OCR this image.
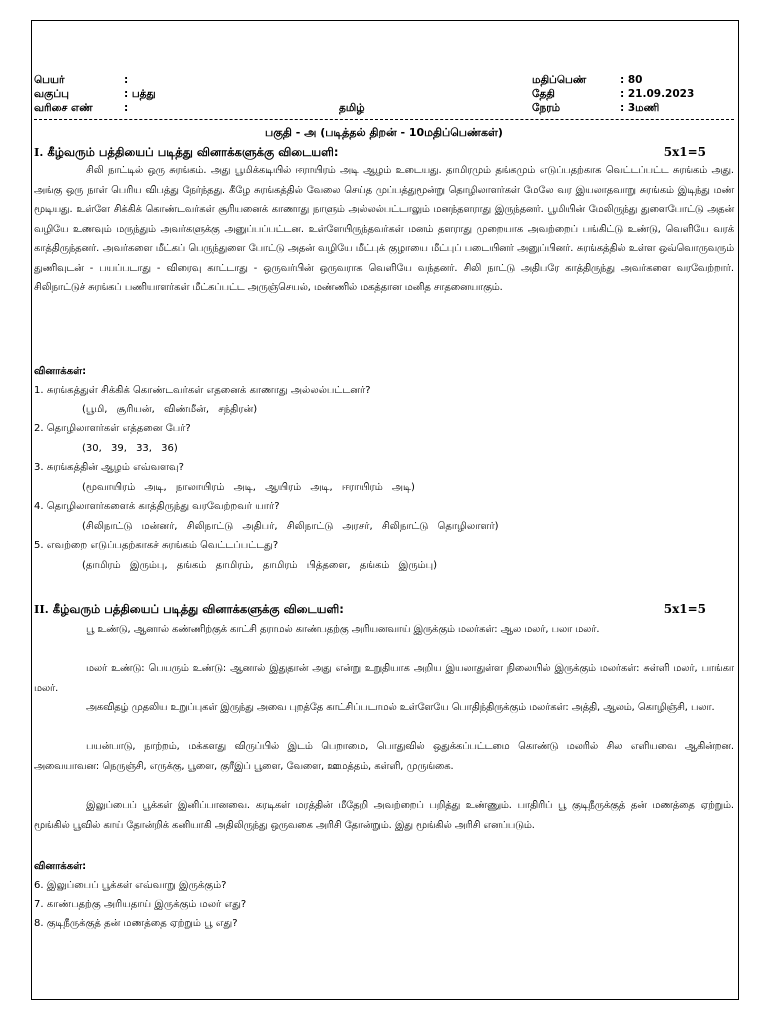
பெயர்	:
வகுப்பு	: பத்து
வரிசை எண்	:	தமிழ்
மதிப்பெண்	: 80
தேதி	: 21.09.2023
நேரம்	: 3மணி
பகுதி - அ (படித்தல் திறன் - 10மதிப்பெண்கள்)
I. கீழ்வரும் பத்தியைப் படித்து வினாக்களுக்கு விடையளி:	5x1=5
சிலி நாட்டில் ஒரு சுரங்கம். அது பூமிக்கடியில் ஈராயிரம் அடி ஆழம் உடையது. தாமிரமும் தங்கமும் எடுப்பதற்காக வெட்டப்பட்ட சுரங்கம் அது. அங்கு ஒரு நாள் பெரிய விபத்து நேர்ந்தது. கீழே சுரங்கத்தில் வேலை செய்த முப்பத்துமூன்று தொழிலாளர்கள் மேலே வர இயலாதவாறு சுரங்கம் இடிந்து மண் மூடியது. உள்ளே சிக்கிக் கொண்டவர்கள் சூரியனைக் காணாது நாளும் அல்லல்பட்டாலும் மனந்தளராது இருந்தனர். பூமியின் மேலிருந்து துளைபோட்டு அதன் வழியே உணவும் மருந்தும் அவர்களுக்கு அனுப்பப்பட்டன. உள்ளேயிருந்தவர்கள் மனம் தளராது முறையாக அவற்றைப் பங்கிட்டு உண்டு, வெளியே வரக் காத்திருந்தனர். அவர்களை மீட்கப் பெருந்துளை போட்டு அதன் வழியே மீட்புக் குழாயை மீட்புப் படையினர் அனுப்பினர். சுரங்கத்தில் உள்ள ஒவ்வொருவரும் துணிவுடன் - பயப்படாது - விரைவு காட்டாது - ஒருவர்பின் ஒருவராக வெளியே வந்தனர். சிலி நாட்டு அதிபரே காத்திருந்து அவர்களை வரவேற்றார். சிலிநாட்டுச் சுரங்கப் பணியாளர்கள் மீட்கப்பட்ட அருஞ்செயல், மண்ணில் மகத்தான மனித சாதனையாகும்.
வினாக்கள்:
1. சுரங்கத்துள் சிக்கிக் கொண்டவர்கள் எதனைக் காணாது அல்லல்பட்டனர்?
(பூமி, சூரியன், விண்மீன், சந்திரன்)
2. தொழிலாளர்கள் எத்தனை பேர்?
(30, 39, 33, 36)
3. சுரங்கத்தின் ஆழம் எவ்வளவு?
(மூவாயிரம் அடி, நாலாயிரம் அடி, ஆயிரம் அடி, ஈராயிரம் அடி)
4. தொழிலாளர்களைக் காத்திருந்து வரவேற்றவர் யார்?
(சிலிநாட்டு மன்னர், சிலிநாட்டு அதிபர், சிலிநாட்டு அரசர், சிலிநாட்டு தொழிலாளர்)
5. எவற்றை எடுப்பதற்காகச் சுரங்கம் வெட்டப்பட்டது?
(தாமிரம் இரும்பு, தங்கம் தாமிரம், தாமிரம் பித்தளை, தங்கம் இரும்பு)
II. கீழ்வரும் பத்தியைப் படித்து வினாக்களுக்கு விடையளி:	5x1=5
பூ உண்டு, ஆனால் கண்ணிற்குக் காட்சி தராமல் காண்பதற்கு அரியனவாய் இருக்கும் மலர்கள்: ஆல மலர், பலா மலர்.
மலர் உண்டு: பெயரும் உண்டு: ஆனால் இதுதான் அது என்று உறுதியாக அறிய இயலாதுள்ள நிலையில் இருக்கும் மலர்கள்: சுள்ளி மலர், பாங்கா மலர்.
அகவிதழ் முதலிய உறுப்புகள் இருந்து அவை புறத்தே காட்சிப்படாமல் உள்ளேயே பொதிந்திருக்கும் மலர்கள்: அத்தி, ஆலம், கொழிஞ்சி, பலா.
பயன்பாடு, நாற்றம், மக்களது விருப்பில் இடம் பெறாமை, பொதுவில் ஒதுக்கப்பட்டமை கொண்டு மலரில் சில எளியவை ஆகின்றன. அவையாவன: நெருஞ்சி, எருக்கு, பூளை, குரீஇப் பூளை, வேளை, ஊமத்தம், கள்ளி, முருங்கை.
இலுப்பைப் பூக்கள் இனிப்பானவை. கரடிகள் மரத்தின் மீதேறி அவற்றைப் பறித்து உண்ணும். பாதிரிப் பூ குடிநீருக்குத் தன் மணத்தை ஏற்றும். மூங்கில் பூவில் காய் தோன்றிக் கனியாகி அதிலிருந்து ஒருவகை அரிசி தோன்றும். இது மூங்கில் அரிசி எனப்படும்.
வினாக்கள்:
6. இலுப்பைப் பூக்கள் எவ்வாறு இருக்கும்?
7. காண்பதற்கு அரியதாய் இருக்கும் மலர் எது?
8. குடிநீருக்குத் தன் மணத்தை ஏற்றும் பூ எது?
